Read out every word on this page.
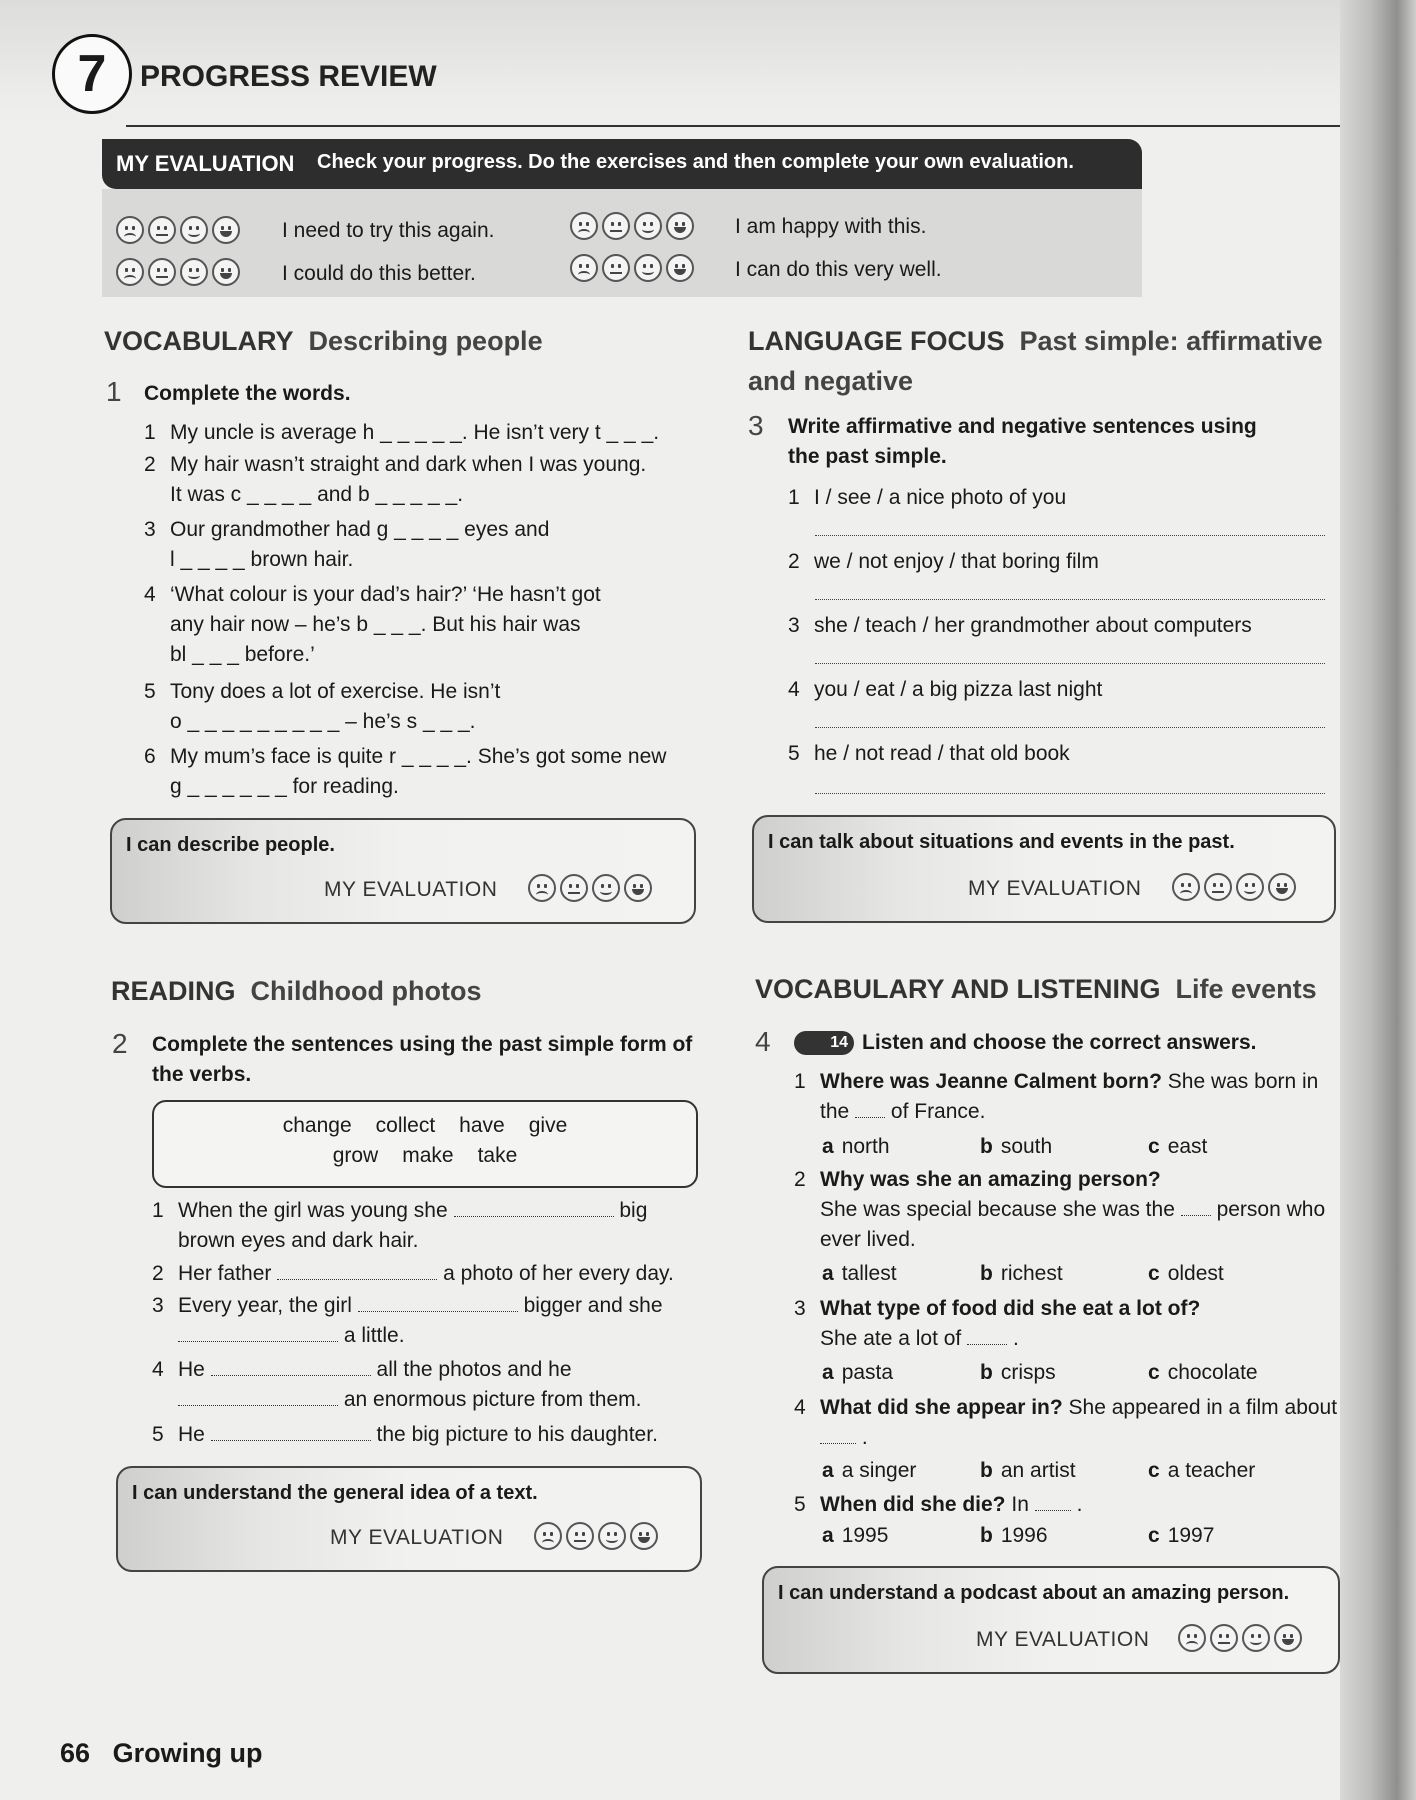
7	PROGRESS REVIEW
MY EVALUATION Check your progress. Do the exercises and then complete your own evaluation.
I need to try this again.
I could do this better.
I am happy with this.
I can do this very well.
VOCABULARY Describing people
1 Complete the words.
1 My uncle is average h _ _ _ _ _. He isn’t very t _ _ _.
2 My hair wasn’t straight and dark when I was young.
It was c _ _ _ _ and b _ _ _ _ _.
3 Our grandmother had g _ _ _ _ eyes and
l _ _ _ _ brown hair.
4 ‘What colour is your dad’s hair?’ ‘He hasn’t got
any hair now – he’s b _ _ _. But his hair was
bl _ _ _ before.’
5 Tony does a lot of exercise. He isn’t
o _ _ _ _ _ _ _ _ _ – he’s s _ _ _.
6 My mum’s face is quite r _ _ _ _. She’s got some new
g _ _ _ _ _ _ for reading.
I can describe people.
MY EVALUATION
LANGUAGE FOCUS Past simple: affirmative
and negative
3 Write affirmative and negative sentences using
the past simple.
1 I / see / a nice photo of you
2 we / not enjoy / that boring film
3 she / teach / her grandmother about computers
4 you / eat / a big pizza last night
5 he / not read / that old book
I can talk about situations and events in the past.
MY EVALUATION
READING Childhood photos
2 Complete the sentences using the past simple form of
the verbs.
change collect have give
grow make take
1 When the girl was young she	big
brown eyes and dark hair.
2 Her father	a photo of her every day.
3 Every year, the girl	bigger and she
a little.
4 He	all the photos and he
an enormous picture from them.
5 He	the big picture to his daughter.
I can understand the general idea of a text.
MY EVALUATION
VOCABULARY AND LISTENING Life events
4	14 Listen and choose the correct answers.
1 Where was Jeanne Calment born? She was born in
the of France.
a north	b south	c east
2 Why was she an amazing person?
She was special because she was the person who
ever lived.
a tallest	b richest	c oldest
3 What type of food did she eat a lot of?
She ate a lot of .
a pasta	b crisps	c chocolate
4 What did she appear in? She appeared in a film about
.
a a singer	b an artist	c a teacher
5 When did she die? In .
a 1995	b 1996	c 1997
I can understand a podcast about an amazing person.
MY EVALUATION
66 Growing up
